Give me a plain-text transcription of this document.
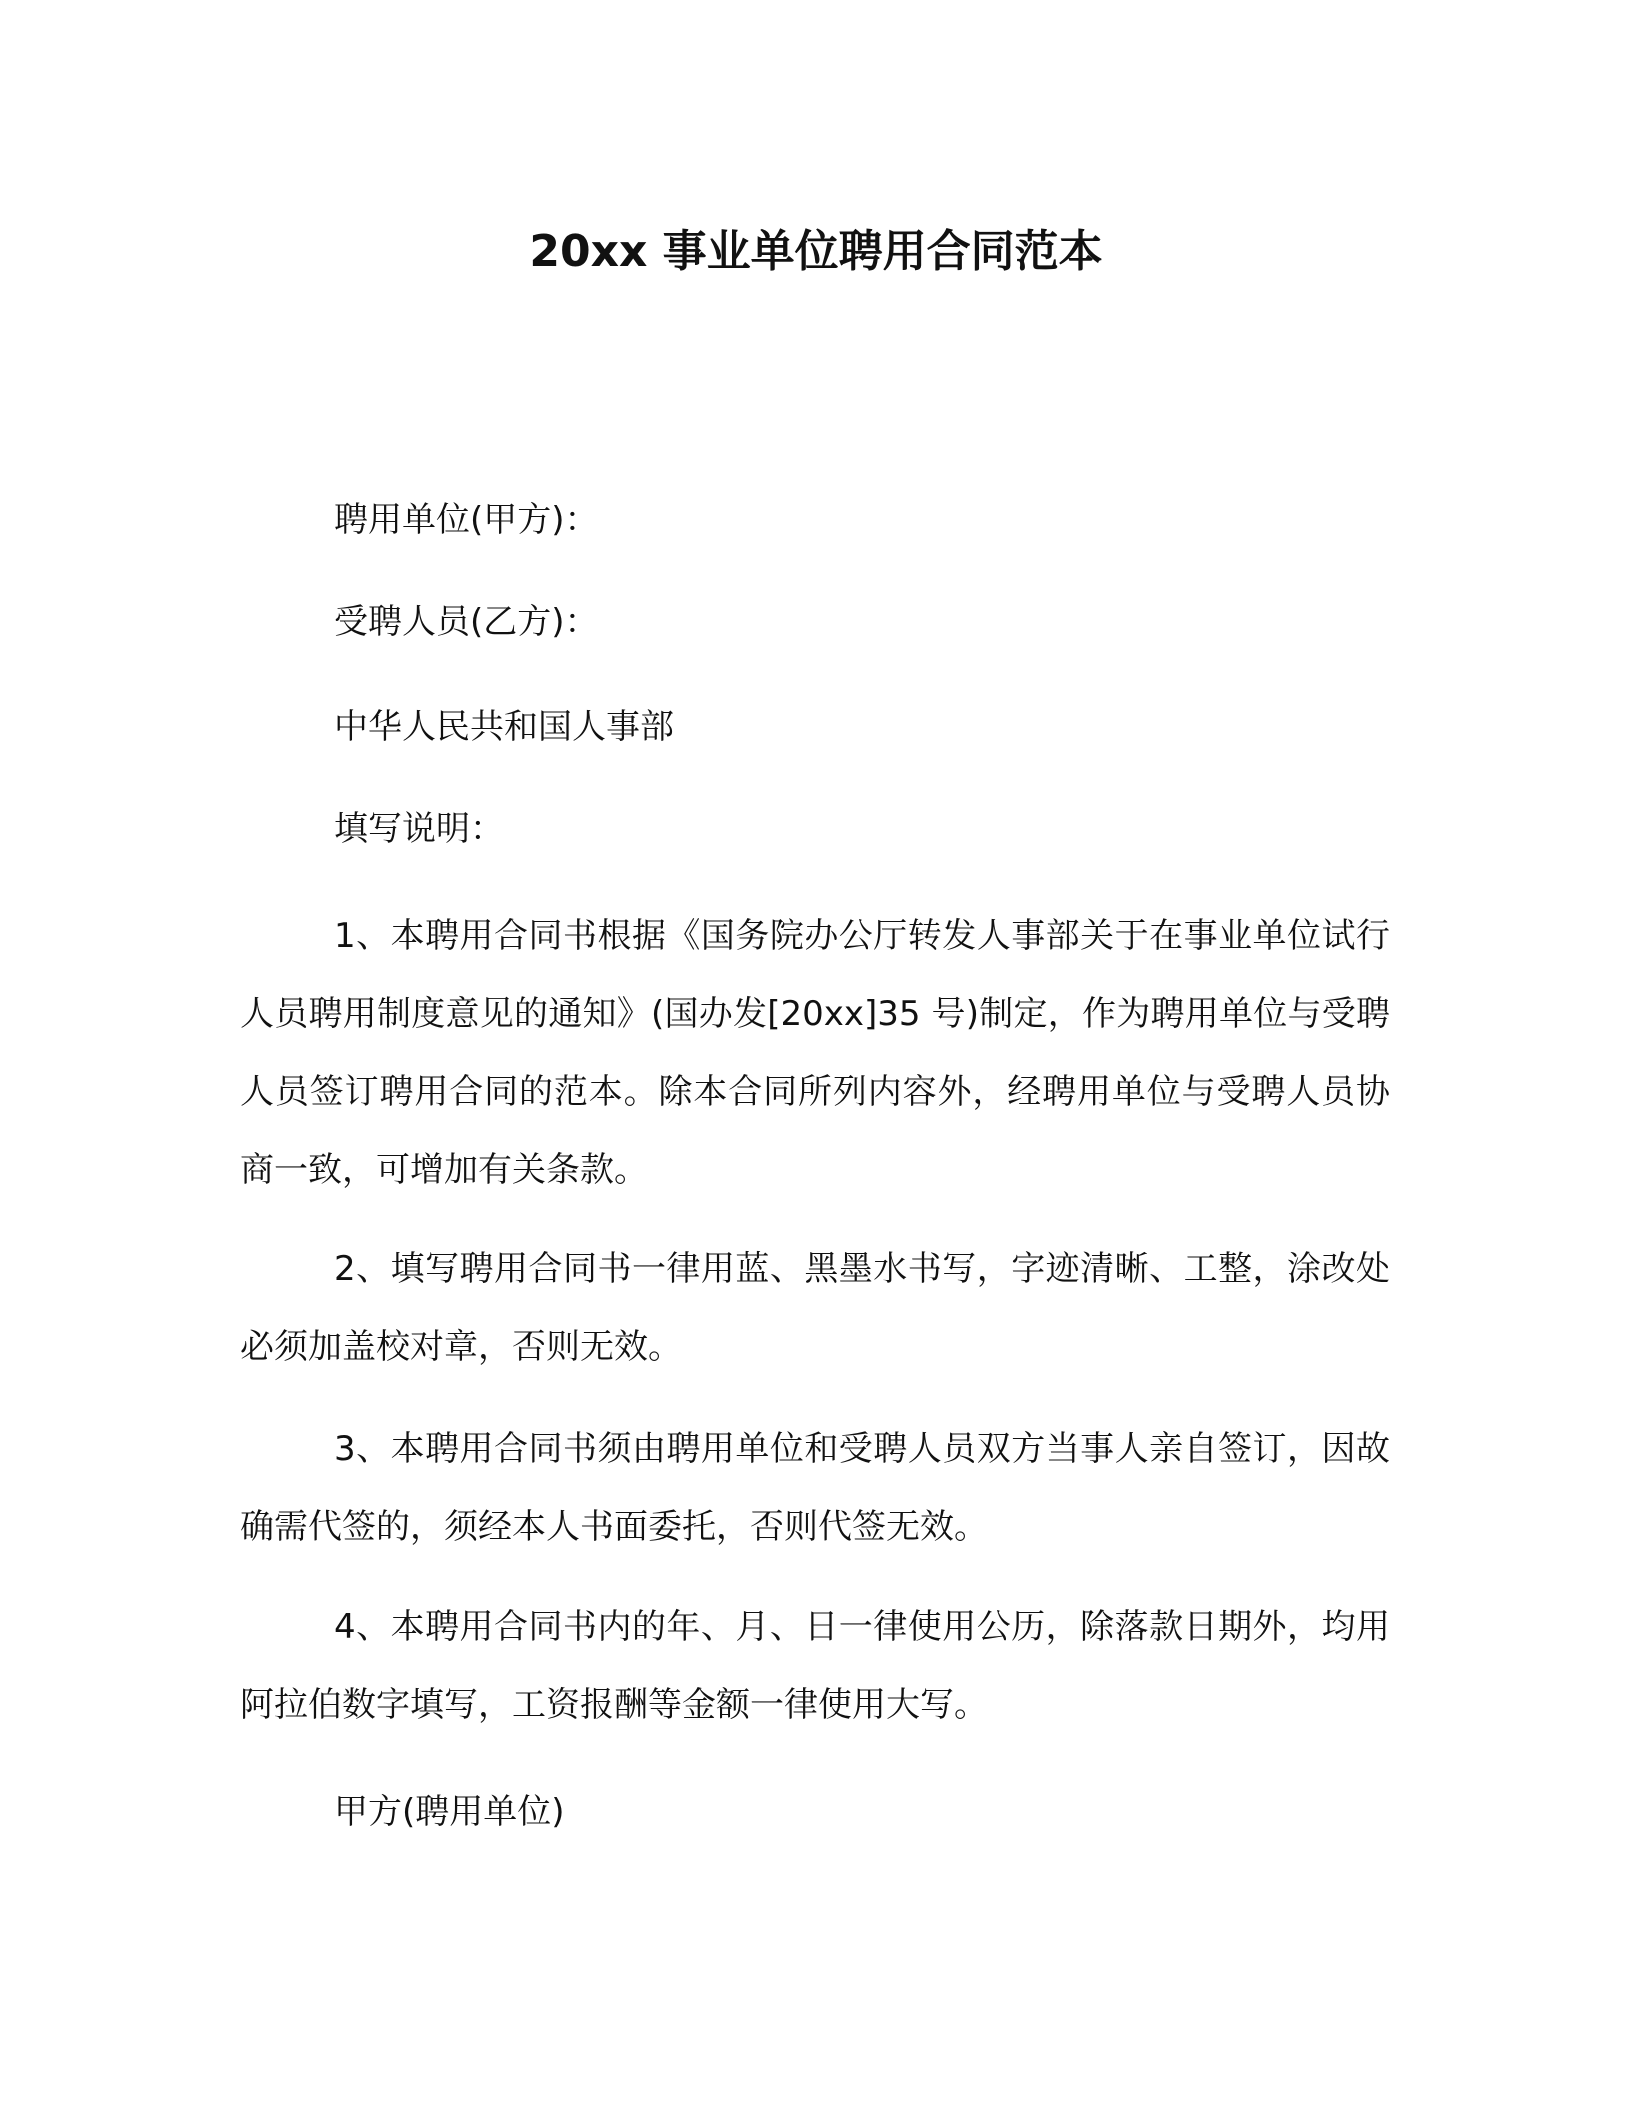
20xx 事业单位聘用合同范本
聘用单位(甲方)：
受聘人员(乙方)：
中华人民共和国人事部
填写说明：
1、本聘用合同书根据《国务院办公厅转发人事部关于在事业单位试行人员聘用制度意见的通知》(国办发[20xx]35 号)制定，作为聘用单位与受聘人员签订聘用合同的范本。除本合同所列内容外，经聘用单位与受聘人员协商一致，可增加有关条款。
2、填写聘用合同书一律用蓝、黑墨水书写，字迹清晰、工整，涂改处必须加盖校对章，否则无效。
3、本聘用合同书须由聘用单位和受聘人员双方当事人亲自签订，因故确需代签的，须经本人书面委托，否则代签无效。
4、本聘用合同书内的年、月、日一律使用公历，除落款日期外，均用阿拉伯数字填写，工资报酬等金额一律使用大写。
甲方(聘用单位)
